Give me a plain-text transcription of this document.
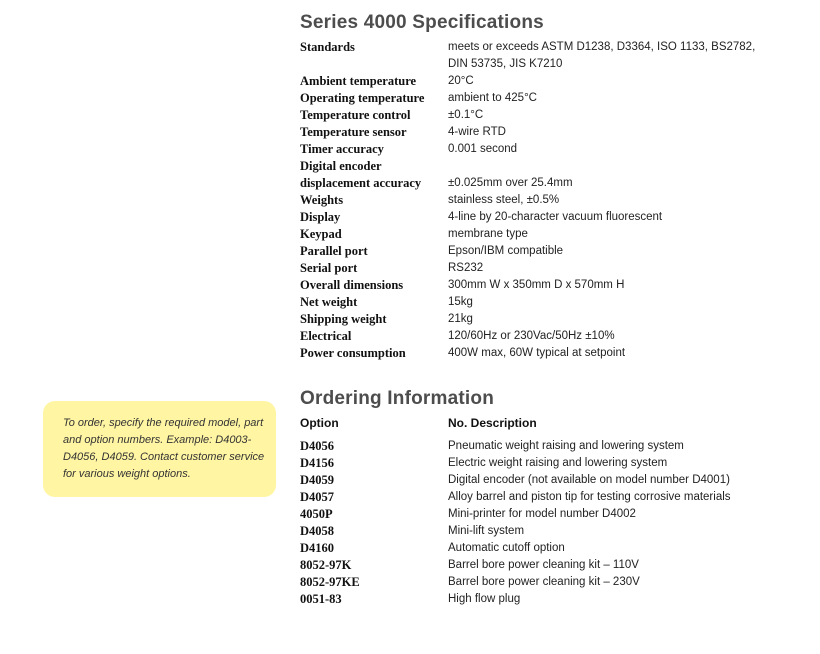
Series 4000 Specifications
Standards	meets or exceeds ASTM D1238, D3364, ISO 1133, BS2782, DIN 53735, JIS K7210
Ambient temperature	20°C
Operating temperature	ambient to 425°C
Temperature control	±0.1°C
Temperature sensor	4-wire RTD
Timer accuracy	0.001 second
Digital encoder
displacement accuracy	±0.025mm over 25.4mm
Weights	stainless steel, ±0.5%
Display	4-line by 20-character vacuum fluorescent
Keypad	membrane type
Parallel port	Epson/IBM compatible
Serial port	RS232
Overall dimensions	300mm W x 350mm D x 570mm H
Net weight	15kg
Shipping weight	21kg
Electrical	120/60Hz or 230Vac/50Hz ±10%
Power consumption	400W max, 60W typical at setpoint
Ordering Information
Option	No. Description
D4056	Pneumatic weight raising and lowering system
D4156	Electric weight raising and lowering system
D4059	Digital encoder (not available on model number D4001)
D4057	Alloy barrel and piston tip for testing corrosive materials
4050P	Mini-printer for model number D4002
D4058	Mini-lift system
D4160	Automatic cutoff option
8052-97K	Barrel bore power cleaning kit – 110V
8052-97KE	Barrel bore power cleaning kit – 230V
0051-83	High flow plug

To order, specify the required model, part and option numbers. Example: D4003-D4056, D4059. Contact customer service for various weight options.
